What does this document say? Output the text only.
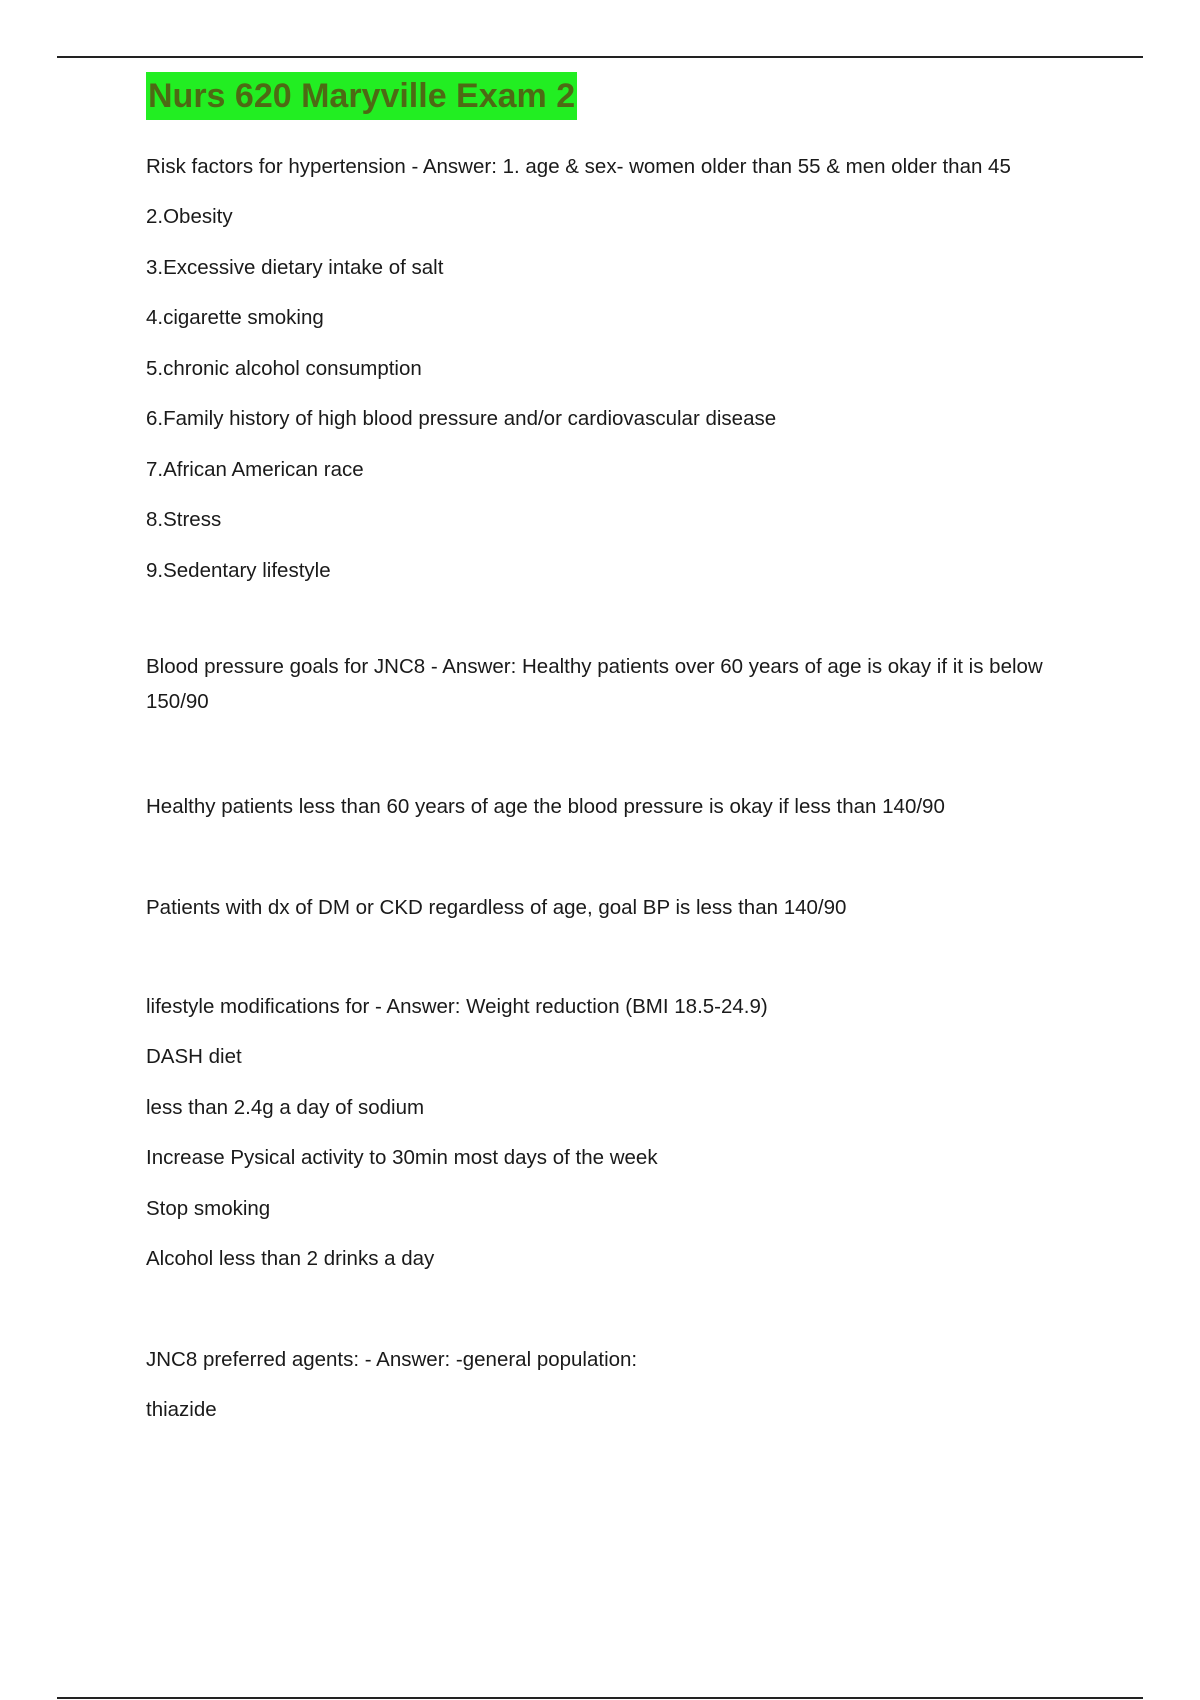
Nurs 620 Maryville Exam 2

Risk factors for hypertension - Answer: 1. age & sex- women older than 55 & men older than 45

2.Obesity

3.Excessive dietary intake of salt

4.cigarette smoking

5.chronic alcohol consumption

6.Family history of high blood pressure and/or cardiovascular disease

7.African American race

8.Stress

9.Sedentary lifestyle

Blood pressure goals for JNC8 - Answer: Healthy patients over 60 years of age is okay if it is below 150/90

Healthy patients less than 60 years of age the blood pressure is okay if less than 140/90

Patients with dx of DM or CKD regardless of age, goal BP is less than 140/90

lifestyle modifications for - Answer: Weight reduction (BMI 18.5-24.9)

DASH diet

less than 2.4g a day of sodium

Increase Pysical activity to 30min most days of the week

Stop smoking

Alcohol less than 2 drinks a day

JNC8 preferred agents: - Answer: -general population:

thiazide
